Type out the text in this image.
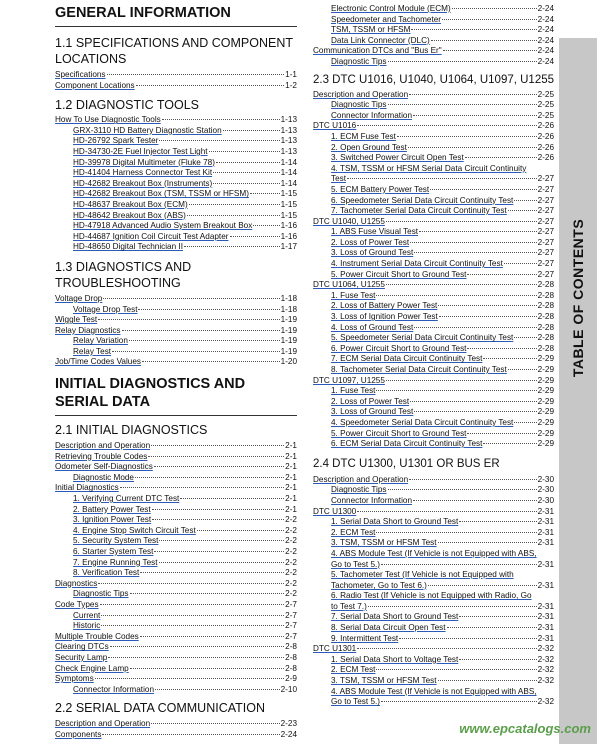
TABLE OF CONTENTS
GENERAL INFORMATION
1.1 SPECIFICATIONS AND COMPONENT LOCATIONS
Specifications	1-1
Component Locations	1-2
1.2 DIAGNOSTIC TOOLS
How To Use Diagnostic Tools	1-13
GRX-3110 HD Battery Diagnostic Station	1-13
HD-26792 Spark Tester	1-13
HD-34730-2E Fuel Injector Test Light	1-13
HD-39978 Digital Multimeter (Fluke 78)	1-14
HD-41404 Harness Connector Test Kit	1-14
HD-42682 Breakout Box (Instruments)	1-14
HD-42682 Breakout Box (TSM, TSSM or HFSM)	1-15
HD-48637 Breakout Box (ECM)	1-15
HD-48642 Breakout Box (ABS)	1-15
HD-47918 Advanced Audio System Breakout Box	1-16
HD-44687 Ignition Coil Circuit Test Adapter	1-16
HD-48650 Digital Technician II	1-17
1.3 DIAGNOSTICS AND TROUBLESHOOTING
Voltage Drop	1-18
Voltage Drop Test	1-18
Wiggle Test	1-19
Relay Diagnostics	1-19
Relay Variation	1-19
Relay Test	1-19
Job/Time Codes Values	1-20
INITIAL DIAGNOSTICS AND SERIAL DATA
2.1 INITIAL DIAGNOSTICS
Description and Operation	2-1
Retrieving Trouble Codes	2-1
Odometer Self-Diagnostics	2-1
Diagnostic Mode	2-1
Initial Diagnostics	2-1
1. Verifying Current DTC Test	2-1
2. Battery Power Test	2-1
3. Ignition Power Test	2-2
4. Engine Stop Switch Circuit Test	2-2
5. Security System Test	2-2
6. Starter System Test	2-2
7. Engine Running Test	2-2
8. Verification Test	2-2
Diagnostics	2-2
Diagnostic Tips	2-2
Code Types	2-7
Current	2-7
Historic	2-7
Multiple Trouble Codes	2-7
Clearing DTCs	2-8
Security Lamp	2-8
Check Engine Lamp	2-8
Symptoms	2-9
Connector Information	2-10
2.2 SERIAL DATA COMMUNICATION
Description and Operation	2-23
Components	2-24
Electronic Control Module (ECM)	2-24
Speedometer and Tachometer	2-24
TSM, TSSM or HFSM	2-24
Data Link Connector (DLC)	2-24
Communication DTCs and "Bus Er"	2-24
Diagnostic Tips	2-24
2.3 DTC U1016, U1040, U1064, U1097, U1255
Description and Operation	2-25
Diagnostic Tips	2-25
Connector Information	2-25
DTC U1016	2-26
1. ECM Fuse Test	2-26
2. Open Ground Test	2-26
3. Switched Power Circuit Open Test	2-26
4. TSM, TSSM or HFSM Serial Data Circuit Continuity
Test	2-27
5. ECM Battery Power Test	2-27
6. Speedometer Serial Data Circuit Continuity Test	2-27
7. Tachometer Serial Data Circuit Continuity Test	2-27
DTC U1040, U1255	2-27
1. ABS Fuse Visual Test	2-27
2. Loss of Power Test	2-27
3. Loss of Ground Test	2-27
4. Instrument Serial Data Circuit Continuity Test	2-27
5. Power Circuit Short to Ground Test	2-27
DTC U1064, U1255	2-28
1. Fuse Test	2-28
2. Loss of Battery Power Test	2-28
3. Loss of Ignition Power Test	2-28
4. Loss of Ground Test	2-28
5. Speedometer Serial Data Circuit Continuity Test	2-28
6. Power Circuit Short to Ground Test	2-28
7. ECM Serial Data Circuit Continuity Test	2-29
8. Tachometer Serial Data Circuit Continuity Test	2-29
DTC U1097, U1255	2-29
1. Fuse Test	2-29
2. Loss of Power Test	2-29
3. Loss of Ground Test	2-29
4. Speedometer Serial Data Circuit Continuity Test	2-29
5. Power Circuit Short to Ground Test	2-29
6. ECM Serial Data Circuit Continuity Test	2-29
2.4 DTC U1300, U1301 OR BUS ER
Description and Operation	2-30
Diagnostic Tips	2-30
Connector Information	2-30
DTC U1300	2-31
1. Serial Data Short to Ground Test	2-31
2. ECM Test	2-31
3. TSM, TSSM or HFSM Test	2-31
4. ABS Module Test (If Vehicle is not Equipped with ABS,
Go to Test 5.)	2-31
5. Tachometer Test (If Vehicle is not Equipped with
Tachometer, Go to Test 6.)	2-31
6. Radio Test (If Vehicle is not Equipped with Radio, Go
to Test 7.)	2-31
7. Serial Data Short to Ground Test	2-31
8. Serial Data Circuit Open Test	2-31
9. Intermittent Test	2-31
DTC U1301	2-32
1. Serial Data Short to Voltage Test	2-32
2. ECM Test	2-32
3. TSM, TSSM or HFSM Test	2-32
4. ABS Module Test (If Vehicle is not Equipped with ABS,
Go to Test 5.)	2-32
www.epcatalogs.com
